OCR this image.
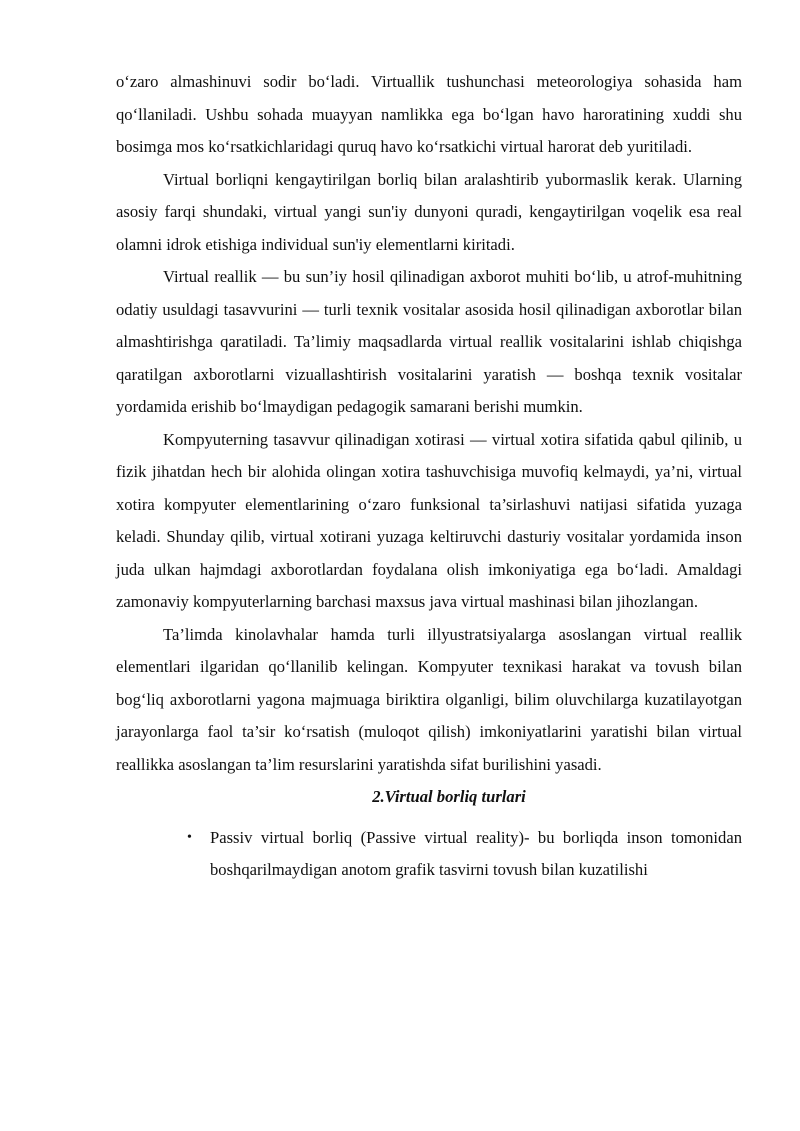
o‘zaro almashinuvi sodir bo‘ladi. Virtuallik tushunchasi meteorologiya sohasida ham qo‘llaniladi. Ushbu sohada muayyan namlikka ega bo‘lgan havo haroratining xuddi shu bosimga mos ko‘rsatkichlaridagi quruq havo ko‘rsatkichi virtual harorat deb yuritiladi.

Virtual borliqni kengaytirilgan borliq bilan aralashtirib yubormaslik kerak. Ularning asosiy farqi shundaki, virtual yangi sun'iy dunyoni quradi, kengaytirilgan voqelik esa real olamni idrok etishiga individual sun'iy elementlarni kiritadi.

Virtual reallik — bu sun’iy hosil qilinadigan axborot muhiti bo‘lib, u atrof-muhitning odatiy usuldagi tasavvurini — turli texnik vositalar asosida hosil qilinadigan axborotlar bilan almashtirishga qaratiladi. Ta’limiy maqsadlarda virtual reallik vositalarini ishlab chiqishga qaratilgan axborotlarni vizuallashtirish vositalarini yaratish — boshqa texnik vositalar yordamida erishib bo‘lmaydigan pedagogik samarani berishi mumkin.

Kompyuterning tasavvur qilinadigan xotirasi — virtual xotira sifatida qabul qilinib, u fizik jihatdan hech bir alohida olingan xotira tashuvchisiga muvofiq kelmaydi, ya’ni, virtual xotira kompyuter elementlarining o‘zaro funksional ta’sirlashuvi natijasi sifatida yuzaga keladi. Shunday qilib, virtual xotirani yuzaga keltiruvchi dasturiy vositalar yordamida inson juda ulkan hajmdagi axborotlardan foydalana olish imkoniyatiga ega bo‘ladi. Amaldagi zamonaviy kompyuterlarning barchasi maxsus java virtual mashinasi bilan jihozlangan.

Ta’limda kinolavhalar hamda turli illyustratsiyalarga asoslangan virtual reallik elementlari ilgaridan qo‘llanilib kelingan. Kompyuter texnikasi harakat va tovush bilan bog‘liq axborotlarni yagona majmuaga biriktira olganligi, bilim oluvchilarga kuzatilayotgan jarayonlarga faol ta’sir ko‘rsatish (muloqot qilish) imkoniyatlarini yaratishi bilan virtual reallikka asoslangan ta’lim resurslarini yaratishda sifat burilishini yasadi.

2.Virtual borliq turlari
• Passiv virtual borliq (Passive virtual reality)- bu borliqda inson tomonidan boshqarilmaydigan anotom grafik tasvirni tovush bilan kuzatilishi
